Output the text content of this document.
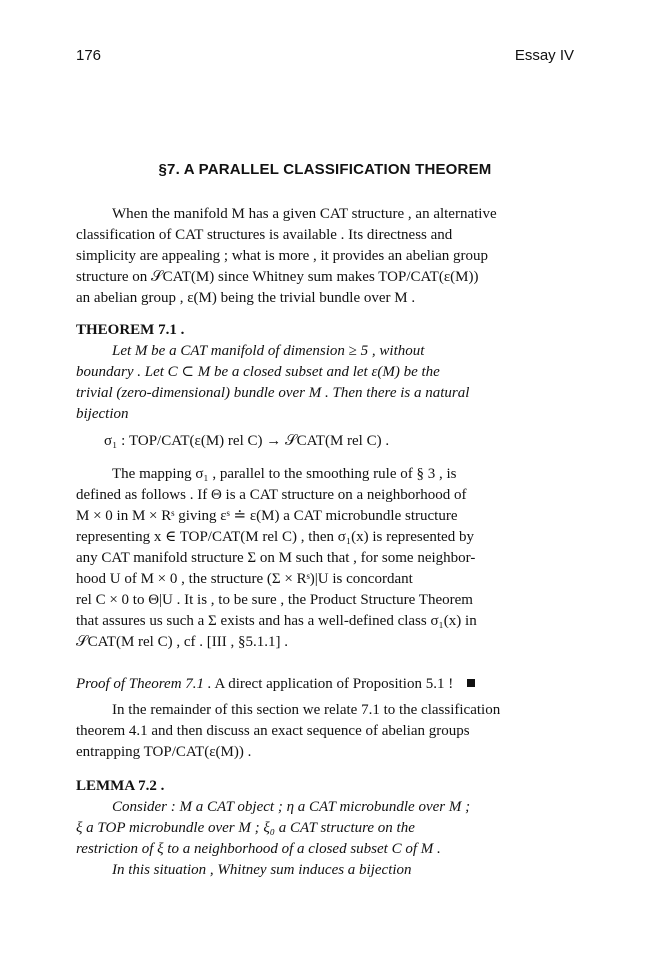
176	Essay IV
§7. A PARALLEL CLASSIFICATION THEOREM
When the manifold M has a given CAT structure , an alternative
classification of CAT structures is available . Its directness and
simplicity are appealing ; what is more , it provides an abelian group
structure on 𝒮CAT(M) since Whitney sum makes TOP/CAT(ε(M))
an abelian group , ε(M) being the trivial bundle over M .
THEOREM 7.1 .
Let M be a CAT manifold of dimension ≥ 5 , without
boundary . Let C ⊂ M be a closed subset and let ε(M) be the
trivial (zero-dimensional) bundle over M . Then there is a natural
bijection
σ₁ : TOP/CAT(ε(M) rel C) → 𝒮CAT(M rel C) .
The mapping σ₁ , parallel to the smoothing rule of § 3 , is
defined as follows . If Θ is a CAT structure on a neighborhood of
M × 0 in M × Rˢ giving εˢ ≐ ε(M) a CAT microbundle structure
representing x ∈ TOP/CAT(M rel C) , then σ₁(x) is represented by
any CAT manifold structure Σ on M such that , for some neighbor-
hood U of M × 0 , the structure (Σ × Rˢ)|U is concordant
rel C × 0 to Θ|U . It is , to be sure , the Product Structure Theorem
that assures us such a Σ exists and has a well-defined class σ₁(x) in
𝒮CAT(M rel C) , cf . [III , §5.1.1] .
Proof of Theorem 7.1 . A direct application of Proposition 5.1 !
In the remainder of this section we relate 7.1 to the classification
theorem 4.1 and then discuss an exact sequence of abelian groups
entrapping TOP/CAT(ε(M)) .
LEMMA 7.2 .
Consider : M a CAT object ; η a CAT microbundle over M ;
ξ a TOP microbundle over M ; ξ₀ a CAT structure on the
restriction of ξ to a neighborhood of a closed subset C of M .
In this situation , Whitney sum induces a bijection
